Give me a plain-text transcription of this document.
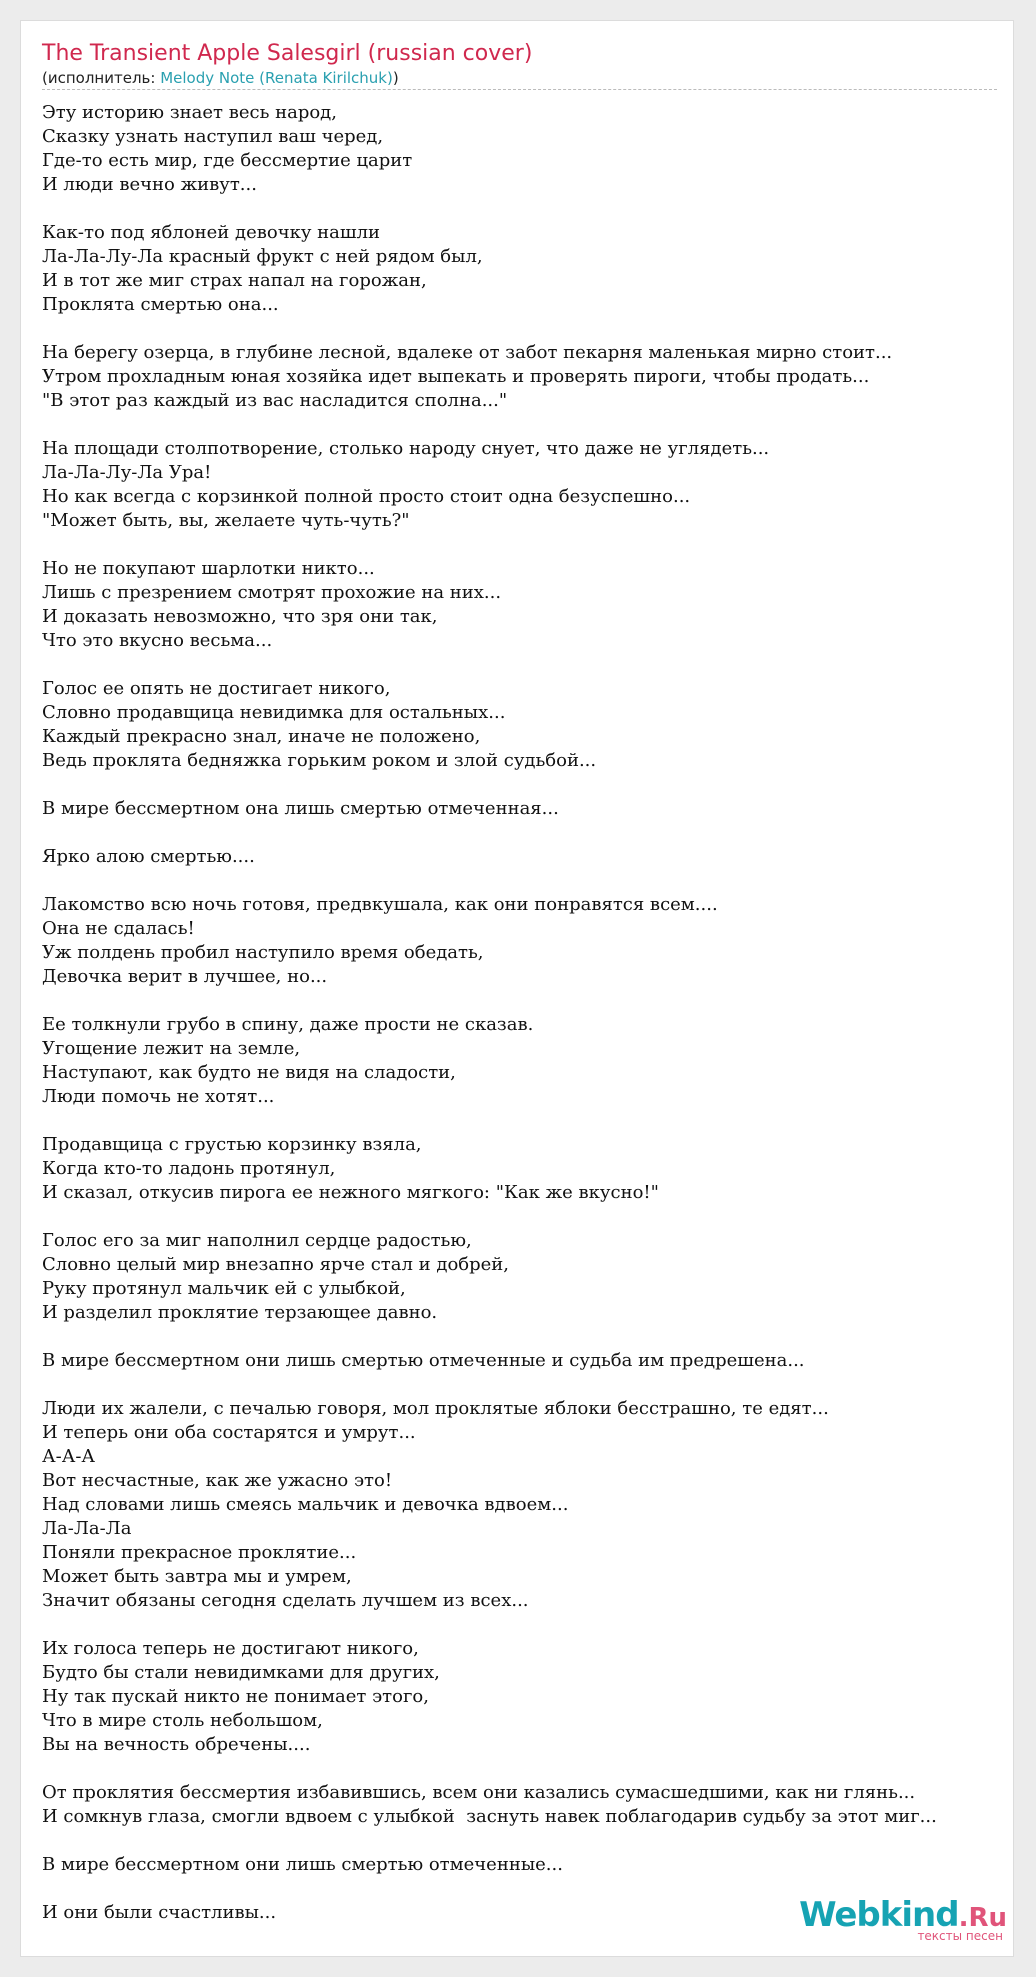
The Transient Apple Salesgirl (russian cover)
(исполнитель: Melody Note (Renata Kirilchuk))
Эту историю знает весь народ,
Сказку узнать наступил ваш черед,
Где-то есть мир, где бессмертие царит
И люди вечно живут...

Как-то под яблоней девочку нашли
Ла-Ла-Лу-Ла красный фрукт с ней рядом был,
И в тот же миг страх напал на горожан,
Проклята смертью она...

На берегу озерца, в глубине лесной, вдалеке от забот пекарня маленькая мирно стоит...
Утром прохладным юная хозяйка идет выпекать и проверять пироги, чтобы продать...
"В этот раз каждый из вас насладится сполна..."

На площади столпотворение, столько народу снует, что даже не углядеть...
Ла-Ла-Лу-Ла Ура!
Но как всегда с корзинкой полной просто стоит одна безуспешно...
"Может быть, вы, желаете чуть-чуть?"

Но не покупают шарлотки никто...
Лишь с презрением смотрят прохожие на них...
И доказать невозможно, что зря они так,
Что это вкусно весьма...

Голос ее опять не достигает никого,
Словно продавщица невидимка для остальных...
Каждый прекрасно знал, иначе не положено,
Ведь проклята бедняжка горьким роком и злой судьбой...

В мире бессмертном она лишь смертью отмеченная...

Ярко алою смертью....

Лакомство всю ночь готовя, предвкушала, как они понравятся всем....
Она не сдалась!
Уж полдень пробил наступило время обедать,
Девочка верит в лучшее, но...

Ее толкнули грубо в спину, даже прости не сказав.
Угощение лежит на земле,
Наступают, как будто не видя на сладости,
Люди помочь не хотят...

Продавщица с грустью корзинку взяла,
Когда кто-то ладонь протянул,
И сказал, откусив пирога ее нежного мягкого: "Как же вкусно!"

Голос его за миг наполнил сердце радостью,
Словно целый мир внезапно ярче стал и добрей,
Руку протянул мальчик ей с улыбкой,
И разделил проклятие терзающее давно.

В мире бессмертном они лишь смертью отмеченные и судьба им предрешена...

Люди их жалели, с печалью говоря, мол проклятые яблоки бесстрашно, те едят...
И теперь они оба состарятся и умрут...
А-А-А
Вот несчастные, как же ужасно это!
Над словами лишь смеясь мальчик и девочка вдвоем...
Ла-Ла-Ла
Поняли прекрасное проклятие...
Может быть завтра мы и умрем,
Значит обязаны сегодня сделать лучшем из всех...

Их голоса теперь не достигают никого,
Будто бы стали невидимками для других,
Ну так пускай никто не понимает этого,
Что в мире столь небольшом,
Вы на вечность обречены....

От проклятия бессмертия избавившись, всем они казались сумасшедшими, как ни глянь...
И сомкнув глаза, смогли вдвоем с улыбкой  заснуть навек поблагодарив судьбу за этот миг...

В мире бессмертном они лишь смертью отмеченные...

И они были счастливы...	Webkind.Ru
тексты песен
